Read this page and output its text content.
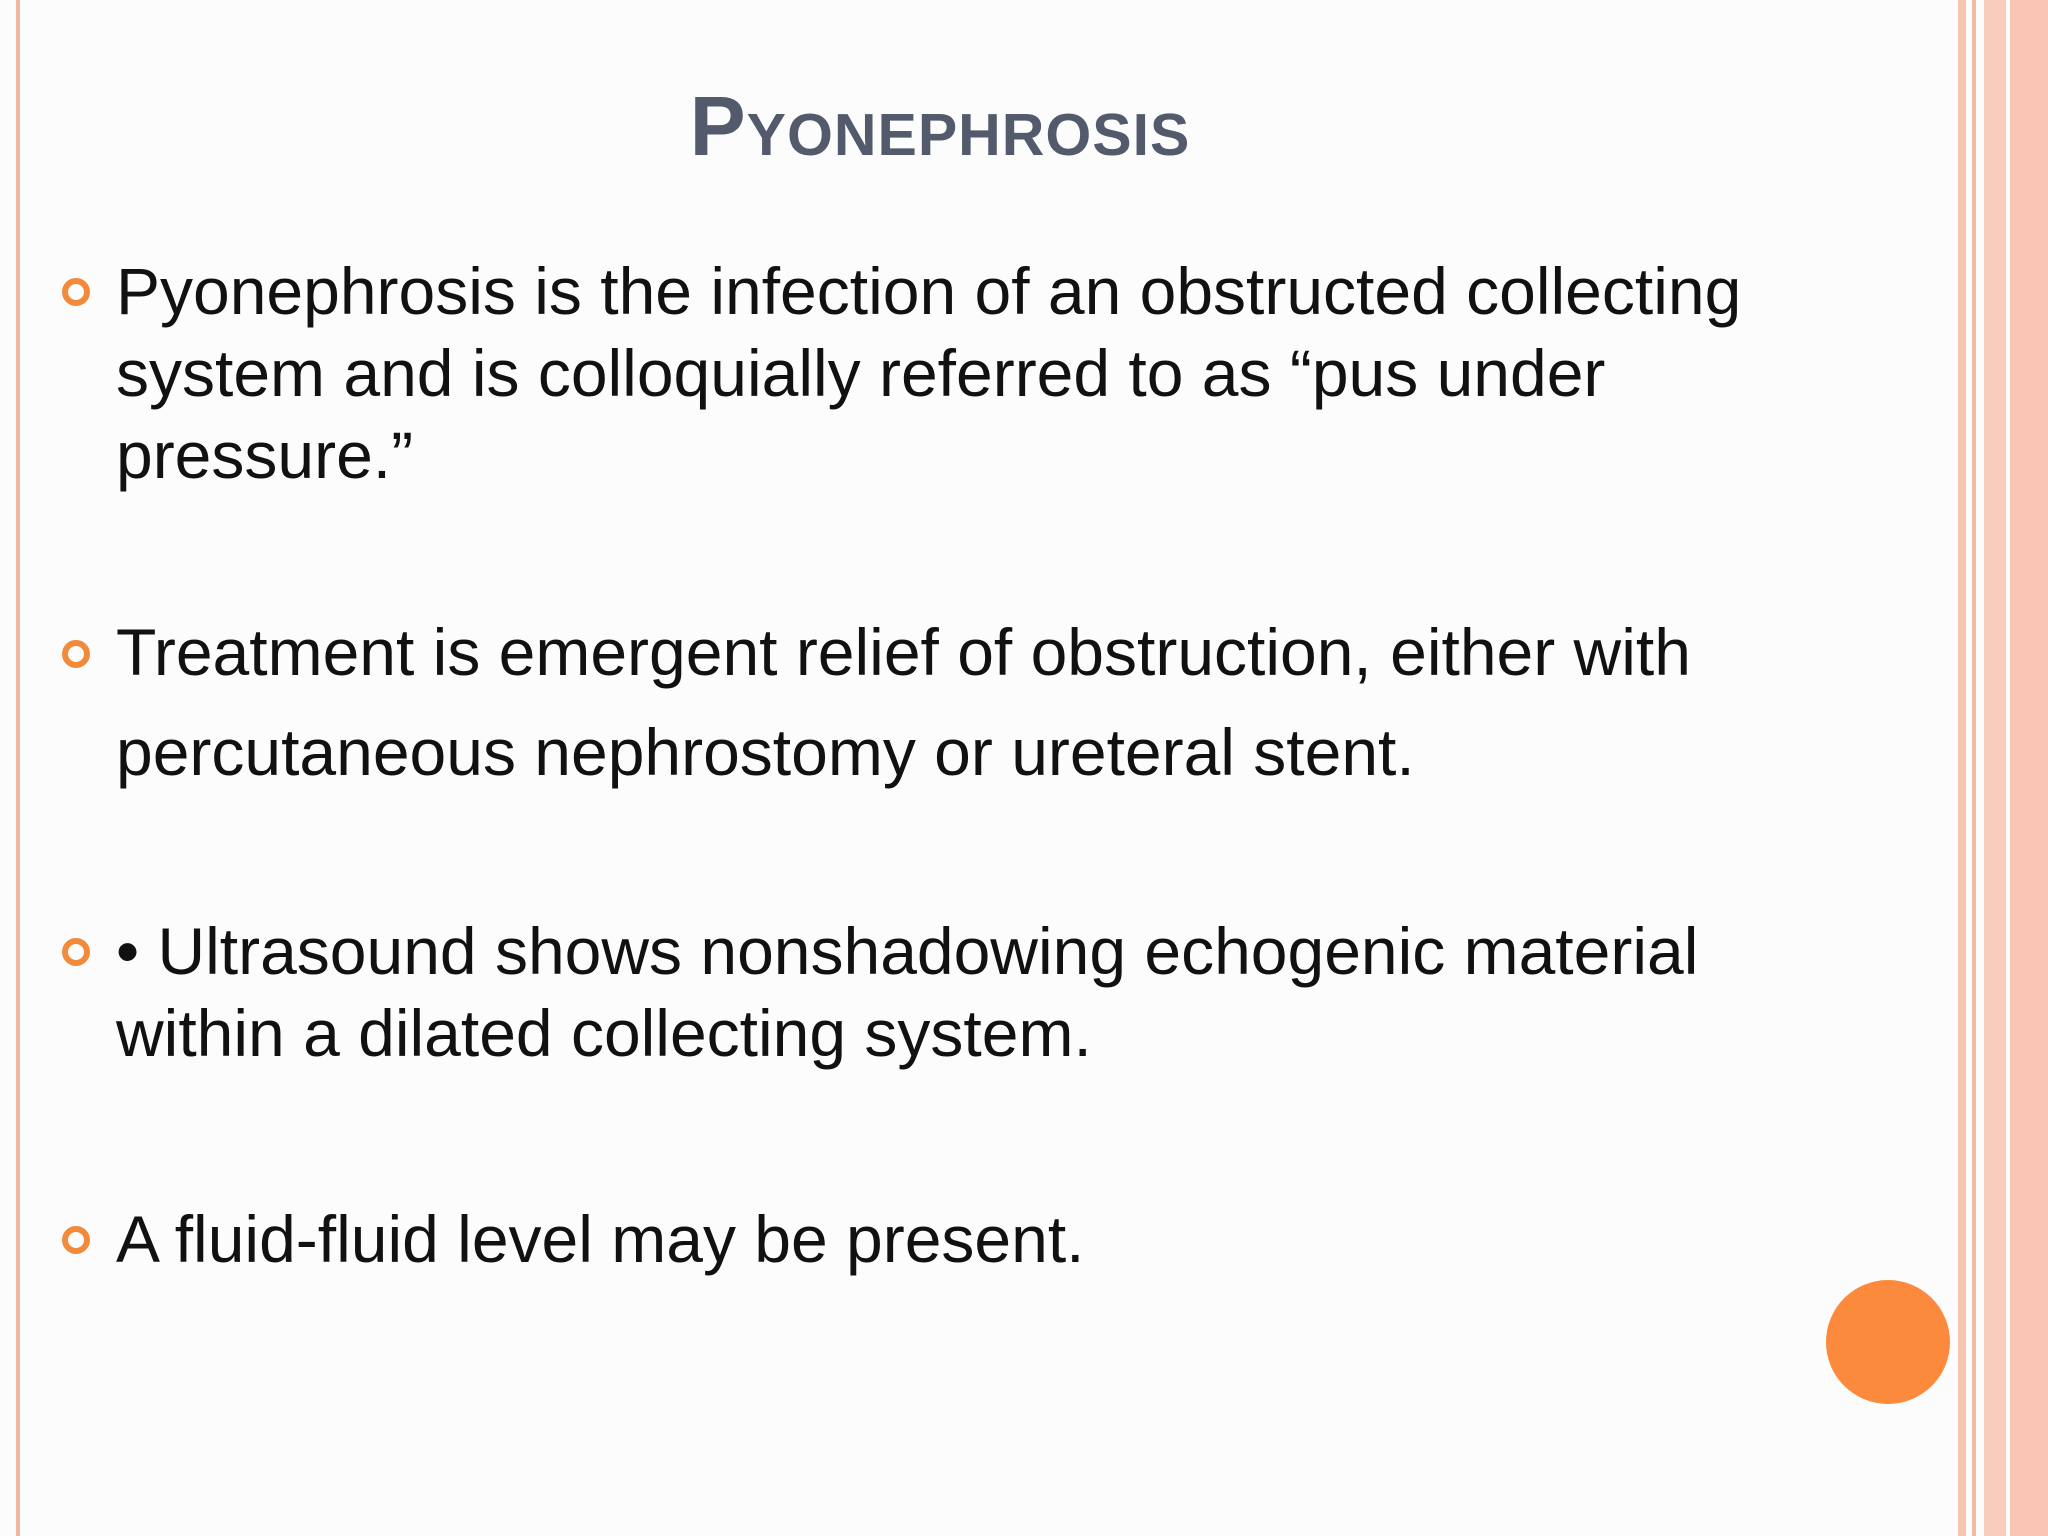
Pyonephrosis
Pyonephrosis is the infection of an obstructed collecting
system and is colloquially referred to as “pus under
pressure.”
Treatment is emergent relief of obstruction, either with
percutaneous nephrostomy or ureteral stent.
• Ultrasound shows nonshadowing echogenic material
within a dilated collecting system.
A fluid-fluid level may be present.
